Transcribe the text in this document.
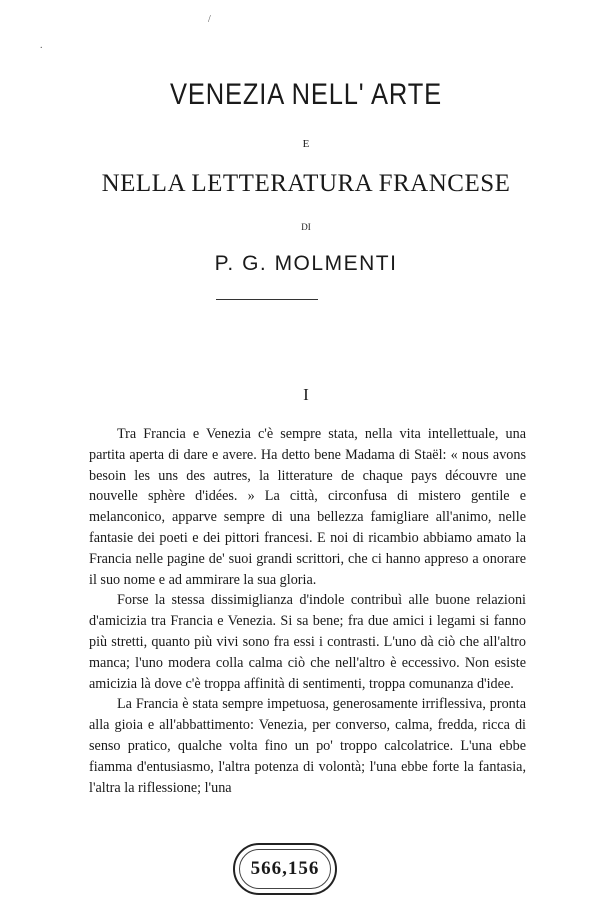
/
.
VENEZIA NELL' ARTE
E
NELLA LETTERATURA FRANCESE
DI
P. G. MOLMENTI
I

Tra Francia e Venezia c'è sempre stata, nella vita intellettuale, una partita aperta di dare e avere. Ha detto bene Madama di Staël: « nous avons besoin les uns des autres, la litterature de chaque pays découvre une nouvelle sphère d'idées. » La città, circonfusa di mistero gentile e melanconico, apparve sempre di una bellezza famigliare all'animo, nelle fantasie dei poeti e dei pittori francesi. E noi di ricambio abbiamo amato la Francia nelle pagine de' suoi grandi scrittori, che ci hanno appreso a onorare il suo nome e ad ammirare la sua gloria.

Forse la stessa dissimiglianza d'indole contribuì alle buone relazioni d'amicizia tra Francia e Venezia. Si sa bene; fra due amici i legami si fanno più stretti, quanto più vivi sono fra essi i contrasti. L'uno dà ciò che all'altro manca; l'uno modera colla calma ciò che nell'altro è eccessivo. Non esiste amicizia là dove c'è troppa affinità di sentimenti, troppa comunanza d'idee.

La Francia è stata sempre impetuosa, generosamente irriflessiva, pronta alla gioia e all'abbattimento: Venezia, per converso, calma, fredda, ricca di senso pratico, qualche volta fino un po' troppo calcolatrice. L'una ebbe fiamma d'entusiasmo, l'altra potenza di volontà; l'una ebbe forte la fantasia, l'altra la riflessione; l'una

566,156
